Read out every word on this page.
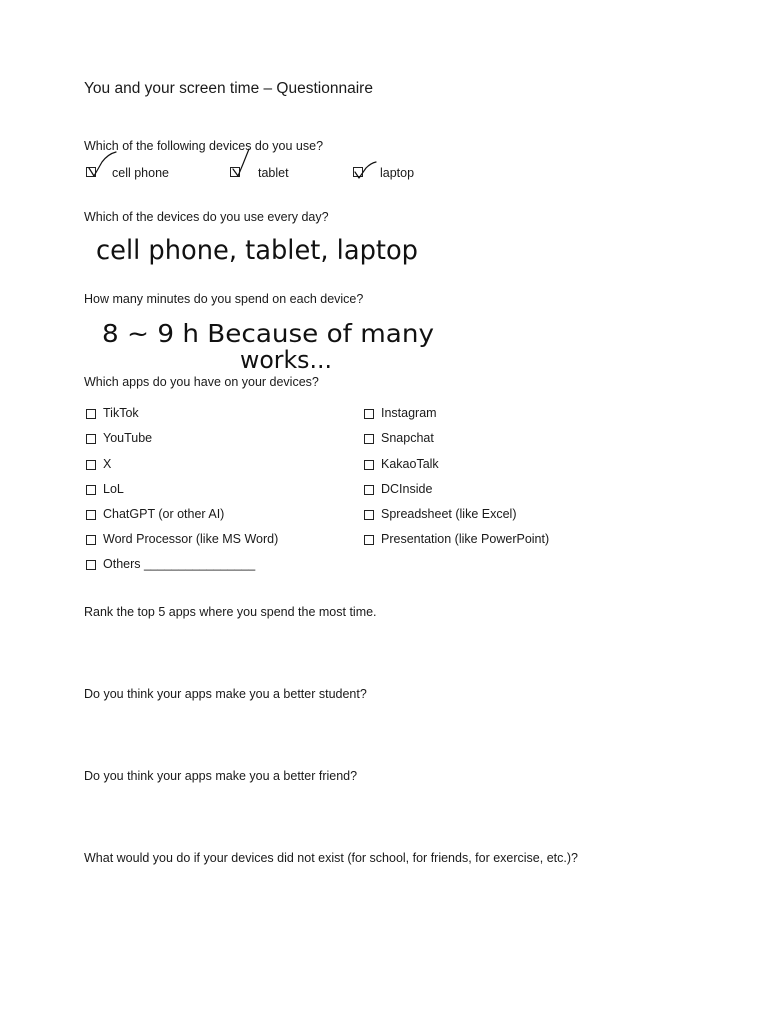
You and your screen time – Questionnaire
Which of the following devices do you use?
cell phone	tablet	laptop
Which of the devices do you use every day?
cell phone, tablet, laptop
How many minutes do you spend on each device?
8 ~ 9 h Because of many
works...
Which apps do you have on your devices?
TikTok
YouTube
X
LoL
ChatGPT (or other AI)
Word Processor (like MS Word)
Others ________________
Instagram
Snapchat
KakaoTalk
DCInside
Spreadsheet (like Excel)
Presentation (like PowerPoint)
Rank the top 5 apps where you spend the most time.
Do you think your apps make you a better student?
Do you think your apps make you a better friend?
What would you do if your devices did not exist (for school, for friends, for exercise, etc.)?
